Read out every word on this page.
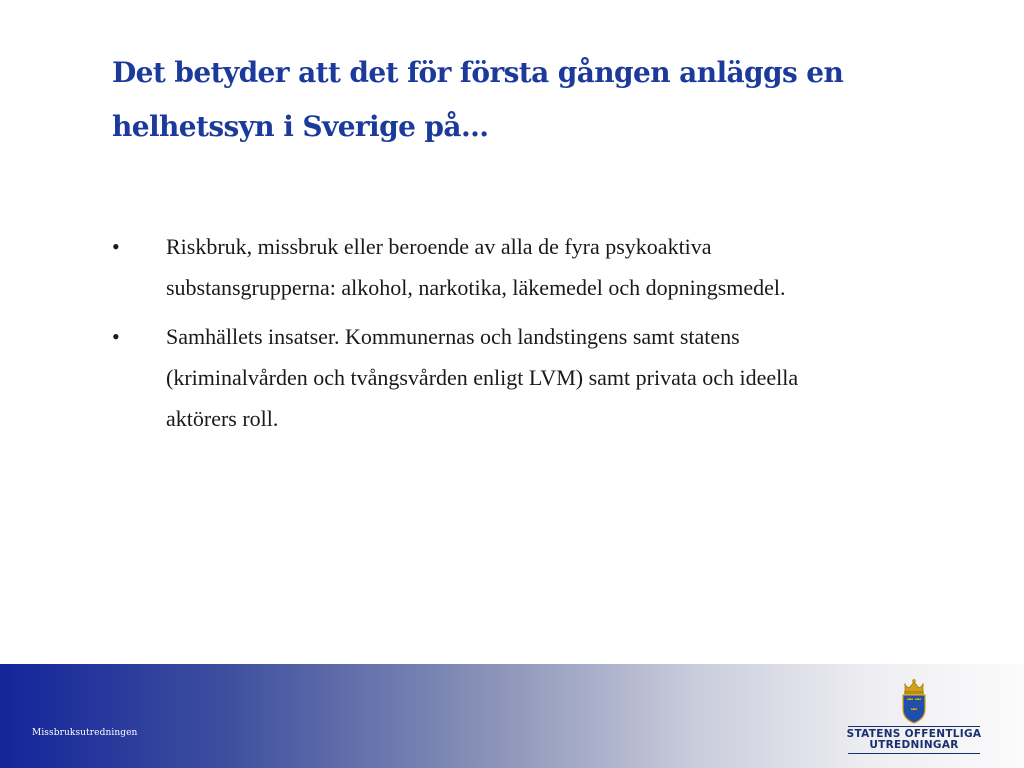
Det betyder att det för första gången anläggs en
helhetssyn i Sverige på…
•	Riskbruk, missbruk eller beroende av alla de fyra psykoaktiva
substansgrupperna: alkohol, narkotika, läkemedel och dopningsmedel.
•	Samhällets insatser. Kommunernas och landstingens samt statens
(kriminalvården och tvångsvården enligt LVM) samt privata och ideella
aktörers roll.
Missbruksutredningen	STATENS OFFENTLIGA
UTREDNINGAR
